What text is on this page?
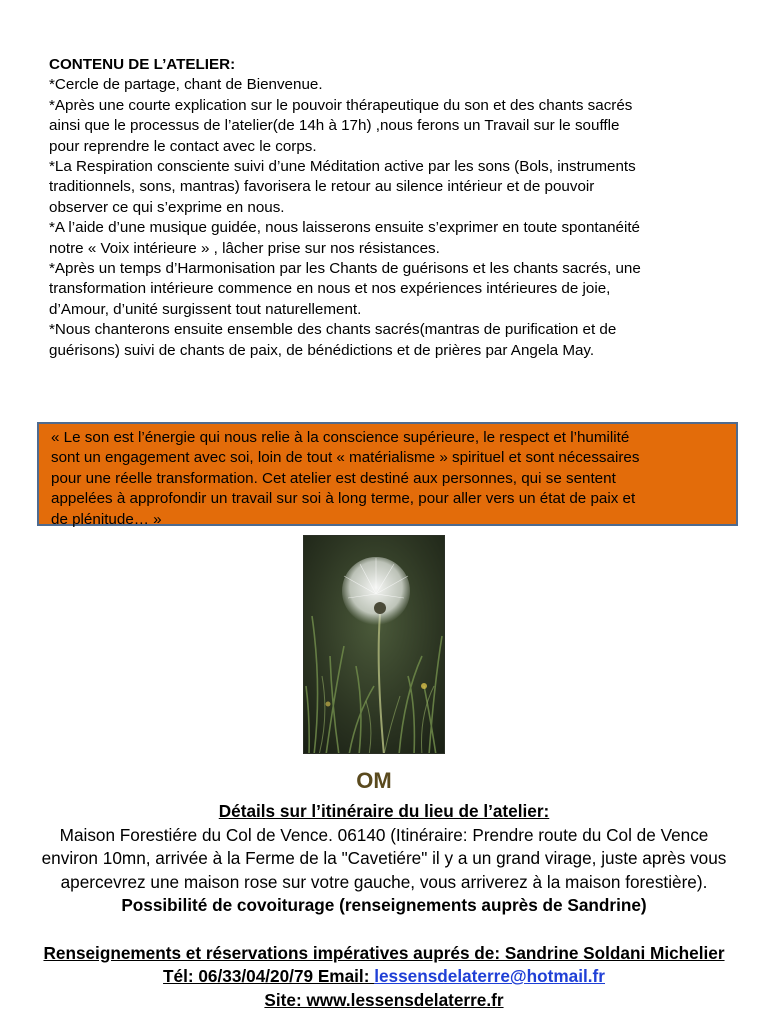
CONTENU DE L’ATELIER:
*Cercle de partage, chant de Bienvenue.
*Après une courte explication sur le pouvoir thérapeutique du son et des chants sacrés
ainsi que le processus de l’atelier(de 14h à 17h) ,nous ferons un Travail sur le souffle
pour reprendre le contact avec le corps.
*La Respiration consciente suivi d’une Méditation active par les sons (Bols, instruments
traditionnels, sons, mantras) favorisera le retour au silence intérieur et de pouvoir
observer ce qui s’exprime en nous.
*A l’aide d’une musique guidée, nous laisserons ensuite s’exprimer en toute spontanéité
notre « Voix intérieure » , lâcher prise sur nos résistances.
*Après un temps d’Harmonisation par les Chants de guérisons et les chants sacrés, une
transformation intérieure commence en nous et nos expériences intérieures de joie,
d’Amour, d’unité surgissent tout naturellement.
*Nous chanterons ensuite ensemble des chants sacrés(mantras de purification et de
guérisons) suivi de chants de paix, de bénédictions et de prières par Angela May.
« Le son est l’énergie qui nous relie à la conscience supérieure, le respect et l’humilité
sont un engagement avec soi, loin de tout « matérialisme » spirituel et sont nécessaires
pour une réelle transformation. Cet atelier est destiné aux personnes, qui se sentent
appelées à approfondir un travail sur soi à long terme, pour aller vers un état de paix et
de plénitude… »
OM
Détails sur l’itinéraire du lieu de l’atelier:
Maison Forestiére du Col de Vence. 06140 (Itinéraire: Prendre route du Col de Vence
environ 10mn, arrivée à la Ferme de la "Cavetiére" il y a un grand virage, juste après vous
apercevrez une maison rose sur votre gauche, vous arriverez à la maison forestière).
Possibilité de covoiturage (renseignements auprès de Sandrine)

Renseignements et réservations impératives auprés de: Sandrine Soldani Michelier
Tél: 06/33/04/20/79 Email: lessensdelaterre@hotmail.fr
Site: www.lessensdelaterre.fr
